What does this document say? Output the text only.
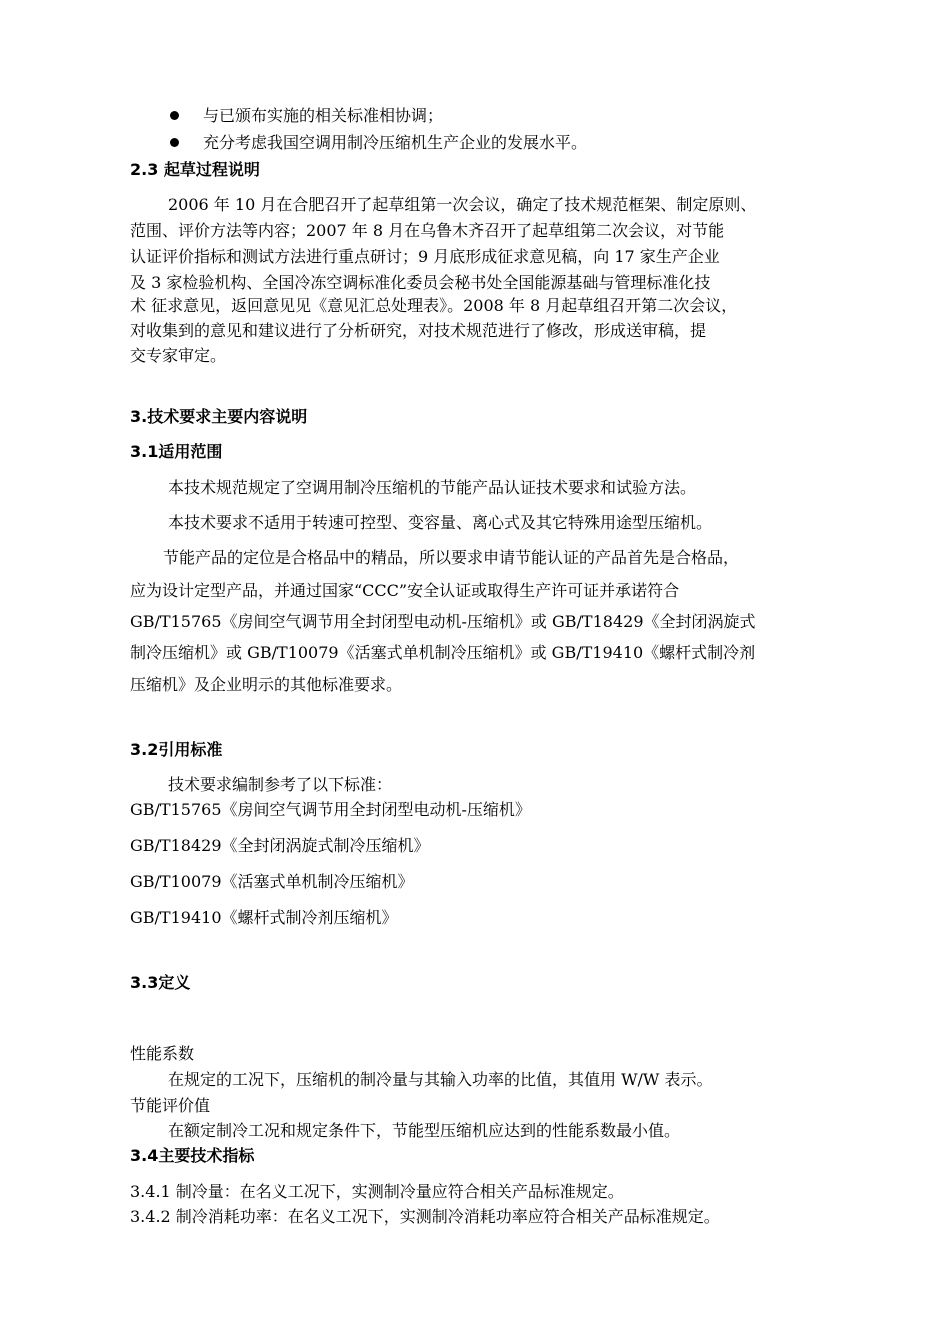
与已颁布实施的相关标准相协调；
充分考虑我国空调用制冷压缩机生产企业的发展水平。
2.3 起草过程说明
2006 年 10 月在合肥召开了起草组第一次会议，确定了技术规范框架、制定原则、
范围、评价方法等内容；2007 年 8 月在乌鲁木齐召开了起草组第二次会议，对节能
认证评价指标和测试方法进行重点研讨；9 月底形成征求意见稿，向 17 家生产企业
及 3 家检验机构、全国冷冻空调标准化委员会秘书处全国能源基础与管理标准化技
术 征求意见，返回意见见《意见汇总处理表》。2008 年 8 月起草组召开第二次会议，
对收集到的意见和建议进行了分析研究，对技术规范进行了修改，形成送审稿，提
交专家审定。
3.技术要求主要内容说明
3.1适用范围
本技术规范规定了空调用制冷压缩机的节能产品认证技术要求和试验方法。
本技术要求不适用于转速可控型、变容量、离心式及其它特殊用途型压缩机。
节能产品的定位是合格品中的精品，所以要求申请节能认证的产品首先是合格品，
应为设计定型产品，并通过国家“CCC”安全认证或取得生产许可证并承诺符合
GB/T15765《房间空气调节用全封闭型电动机-压缩机》或 GB/T18429《全封闭涡旋式
制冷压缩机》或 GB/T10079《活塞式单机制冷压缩机》或 GB/T19410《螺杆式制冷剂
压缩机》及企业明示的其他标准要求。
3.2引用标准
技术要求编制参考了以下标准：
GB/T15765《房间空气调节用全封闭型电动机-压缩机》
GB/T18429《全封闭涡旋式制冷压缩机》
GB/T10079《活塞式单机制冷压缩机》
GB/T19410《螺杆式制冷剂压缩机》
3.3定义
性能系数
在规定的工况下，压缩机的制冷量与其输入功率的比值，其值用 W/W 表示。
节能评价值
在额定制冷工况和规定条件下，节能型压缩机应达到的性能系数最小值。
3.4主要技术指标
3.4.1 制冷量：在名义工况下，实测制冷量应符合相关产品标准规定。
3.4.2 制冷消耗功率：在名义工况下，实测制冷消耗功率应符合相关产品标准规定。
